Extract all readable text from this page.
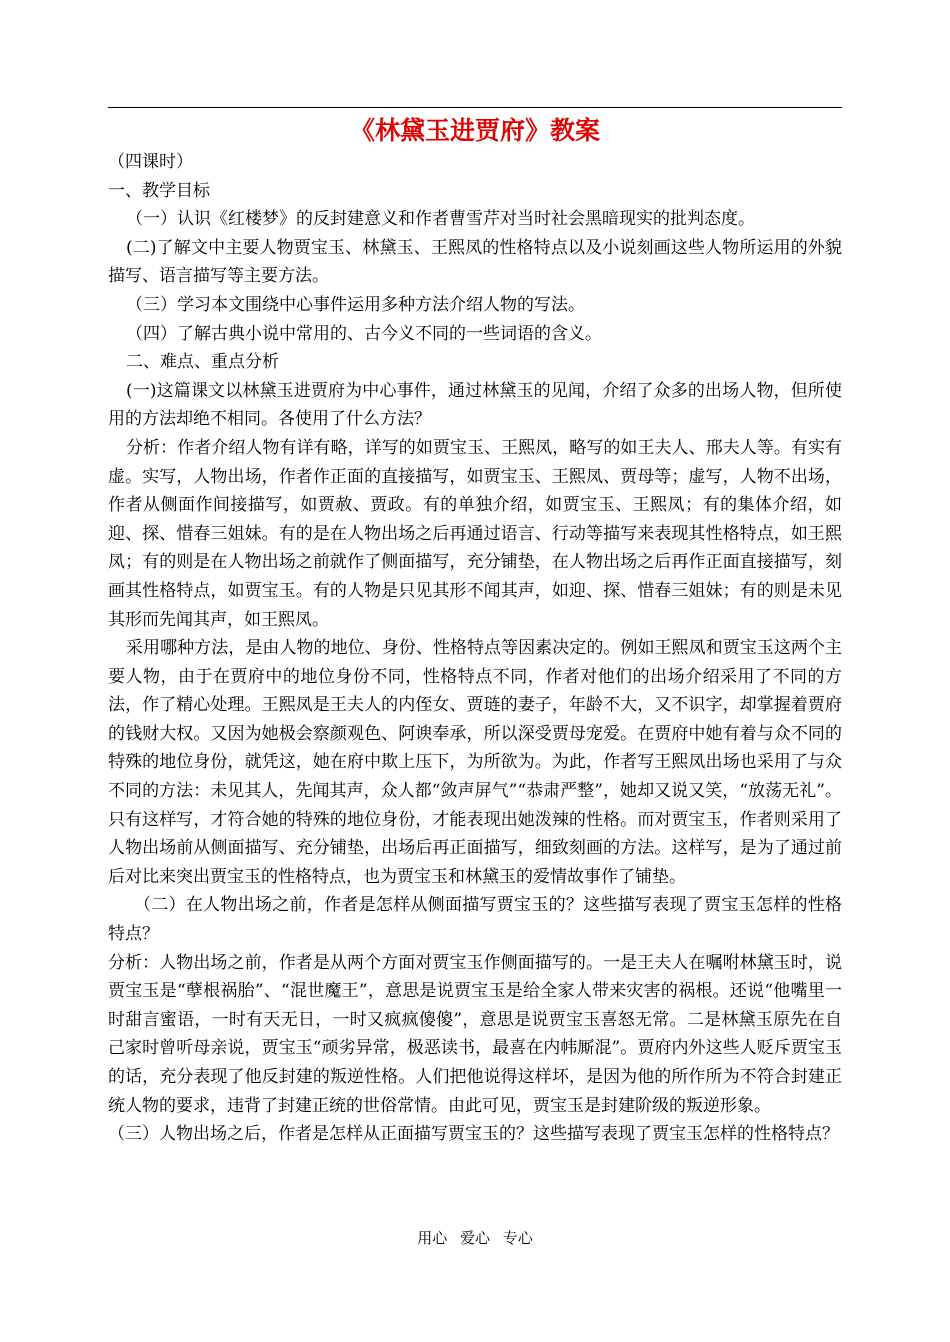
《林黛玉进贾府》教案

（四课时）

一、教学目标

（一）认识《红楼梦》的反封建意义和作者曹雪芹对当时社会黑暗现实的批判态度。

(二)了解文中主要人物贾宝玉、林黛玉、王熙凤的性格特点以及小说刻画这些人物所运用的外貌描写、语言描写等主要方法。

（三）学习本文围绕中心事件运用多种方法介绍人物的写法。

（四）了解古典小说中常用的、古今义不同的一些词语的含义。

二、难点、重点分析

(一)这篇课文以林黛玉进贾府为中心事件，通过林黛玉的见闻，介绍了众多的出场人物，但所使用的方法却绝不相同。各使用了什么方法？

分析：作者介绍人物有详有略，详写的如贾宝玉、王熙凤，略写的如王夫人、邢夫人等。有实有虚。实写，人物出场，作者作正面的直接描写，如贾宝玉、王熙凤、贾母等；虚写，人物不出场，作者从侧面作间接描写，如贾赦、贾政。有的单独介绍，如贾宝玉、王熙凤；有的集体介绍，如迎、探、惜春三姐妹。有的是在人物出场之后再通过语言、行动等描写来表现其性格特点，如王熙凤；有的则是在人物出场之前就作了侧面描写，充分铺垫，在人物出场之后再作正面直接描写，刻画其性格特点，如贾宝玉。有的人物是只见其形不闻其声，如迎、探、惜春三姐妹；有的则是未见其形而先闻其声，如王熙凤。

采用哪种方法，是由人物的地位、身份、性格特点等因素决定的。例如王熙凤和贾宝玉这两个主要人物，由于在贾府中的地位身份不同，性格特点不同，作者对他们的出场介绍采用了不同的方法，作了精心处理。王熙凤是王夫人的内侄女、贾琏的妻子，年龄不大，又不识字，却掌握着贾府的钱财大权。又因为她极会察颜观色、阿谀奉承，所以深受贾母宠爱。在贾府中她有着与众不同的特殊的地位身份，就凭这，她在府中欺上压下，为所欲为。为此，作者写王熙凤出场也采用了与众不同的方法：未见其人，先闻其声，众人都“敛声屏气”“恭肃严整”，她却又说又笑，“放荡无礼”。只有这样写，才符合她的特殊的地位身份，才能表现出她泼辣的性格。而对贾宝玉，作者则采用了人物出场前从侧面描写、充分铺垫，出场后再正面描写，细致刻画的方法。这样写，是为了通过前后对比来突出贾宝玉的性格特点，也为贾宝玉和林黛玉的爱情故事作了铺垫。

（二）在人物出场之前，作者是怎样从侧面描写贾宝玉的？这些描写表现了贾宝玉怎样的性格特点？

分析：人物出场之前，作者是从两个方面对贾宝玉作侧面描写的。一是王夫人在嘱咐林黛玉时，说贾宝玉是“孽根祸胎”、“混世魔王”，意思是说贾宝玉是给全家人带来灾害的祸根。还说“他嘴里一时甜言蜜语，一时有天无日，一时又疯疯傻傻”，意思是说贾宝玉喜怒无常。二是林黛玉原先在自己家时曾听母亲说，贾宝玉“顽劣异常，极恶读书，最喜在内帏厮混”。贾府内外这些人贬斥贾宝玉的话，充分表现了他反封建的叛逆性格。人们把他说得这样坏，是因为他的所作所为不符合封建正统人物的要求，违背了封建正统的世俗常情。由此可见，贾宝玉是封建阶级的叛逆形象。

（三）人物出场之后，作者是怎样从正面描写贾宝玉的？这些描写表现了贾宝玉怎样的性格特点？

用心 爱心 专心
